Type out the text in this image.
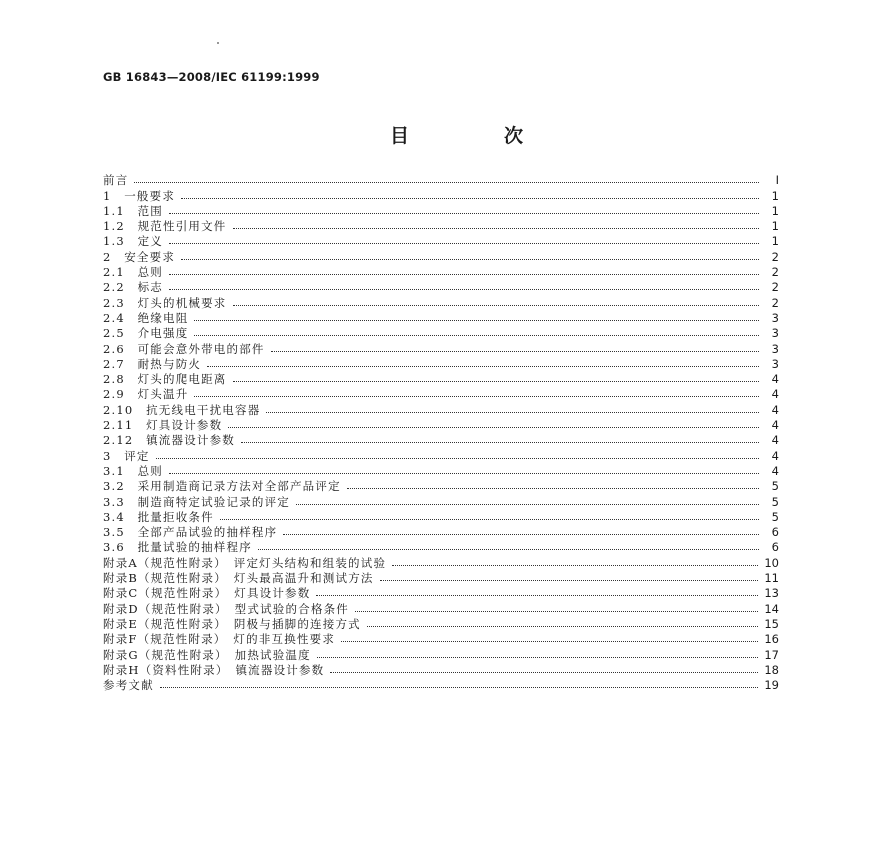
GB 16843—2008/IEC 61199:1999
目　次
前言	Ⅰ
1　一般要求	1
1.1　范围	1
1.2　规范性引用文件	1
1.3　定义	1
2　安全要求	2
2.1　总则	2
2.2　标志	2
2.3　灯头的机械要求	2
2.4　绝缘电阻	3
2.5　介电强度	3
2.6　可能会意外带电的部件	3
2.7　耐热与防火	3
2.8　灯头的爬电距离	4
2.9　灯头温升	4
2.10　抗无线电干扰电容器	4
2.11　灯具设计参数	4
2.12　镇流器设计参数	4
3　评定	4
3.1　总则	4
3.2　采用制造商记录方法对全部产品评定	5
3.3　制造商特定试验记录的评定	5
3.4　批量拒收条件	5
3.5　全部产品试验的抽样程序	6
3.6　批量试验的抽样程序	6
附录A（规范性附录）　评定灯头结构和组装的试验	10
附录B（规范性附录）　灯头最高温升和测试方法	11
附录C（规范性附录）　灯具设计参数	13
附录D（规范性附录）　型式试验的合格条件	14
附录E（规范性附录）　阴极与插脚的连接方式	15
附录F（规范性附录）　灯的非互换性要求	16
附录G（规范性附录）　加热试验温度	17
附录H（资料性附录）　镇流器设计参数	18
参考文献	19
